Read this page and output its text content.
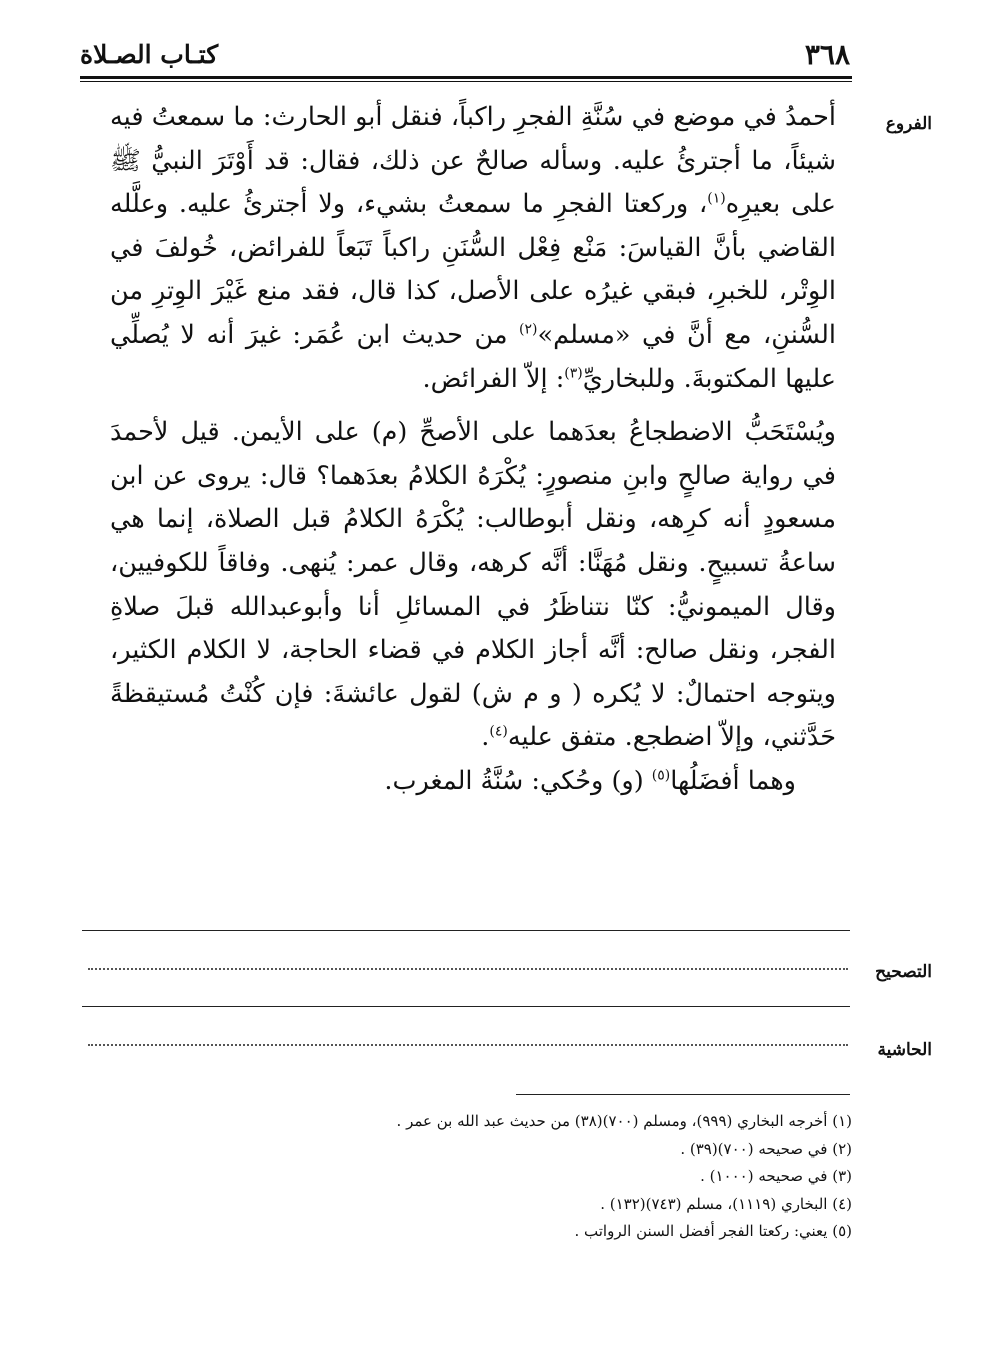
٣٦٨
كتـاب الصـلاة
الفروع

أحمدُ في موضع في سُنَّةِ الفجرِ راكباً، فنقل أبو الحارث: ما سمعتُ فيه شيئاً، ما أجترئُ عليه. وسأله صالحٌ عن ذلك، فقال: قد أَوْتَرَ النبيُّ ﷺ على بعيرِه$^{(١)}$، وركعتا الفجرِ ما سمعتُ بشيء، ولا أجترئُ عليه. وعلَّله القاضي بأنَّ القياسَ: مَنْع فِعْل السُّنَنِ راكباً تَبَعاً للفرائض، خُولفَ في الوِتْر، للخبرِ، فبقي غيرُه على الأصل، كذا قال، فقد منع غَيْرَ الوِترِ من السُّننِ، مع أنَّ في «مسلم»$^{(٢)}$ من حديث ابن عُمَر: غيرَ أنه لا يُصلِّي عليها المكتوبةَ. وللبخاريِّ$^{(٣)}$: إلاّ الفرائض.

ويُسْتَحَبُّ الاضطجاعُ بعدَهما على الأصحِّ (م) على الأيمن. قيل لأحمدَ في رواية صالحٍ وابنِ منصورٍ: يُكْرَهُ الكلامُ بعدَهما؟ قال: يروى عن ابن مسعودٍ أنه كرِهه، ونقل أبوطالب: يُكْرَهُ الكلامُ قبل الصلاة، إنما هي ساعةُ تسبيحٍ. ونقل مُهَنَّا: أنَّه كرهه، وقال عمر: يُنهى. وفاقاً للكوفيين، وقال الميمونيُّ: كنّا نتناظَرُ في المسائلِ أنا وأبوعبدالله قبلَ صلاةِ الفجر، ونقل صالح: أنَّه أجاز الكلام في قضاء الحاجة، لا الكلام الكثير، ويتوجه احتمالٌ: لا يُكره ( و م ش) لقول عائشةَ: فإن كُنْتُ مُستيقظةً حَدَّثني، وإلاّ اضطجع. متفق عليه$^{(٤)}$.

وهما أفضَلُها$^{(٥)}$ (و) وحُكي: سُنَّةُ المغرب.

التصحيح
الحاشية
(١) أخرجه البخاري (٩٩٩)، ومسلم (٧٠٠)(٣٨) من حديث عبد الله بن عمر .
(٢) في صحيحه (٧٠٠)(٣٩) .
(٣) في صحيحه (١٠٠٠) .
(٤) البخاري (١١١٩)، مسلم (٧٤٣)(١٣٢) .
(٥) يعني: ركعتا الفجر أفضل السنن الرواتب .
